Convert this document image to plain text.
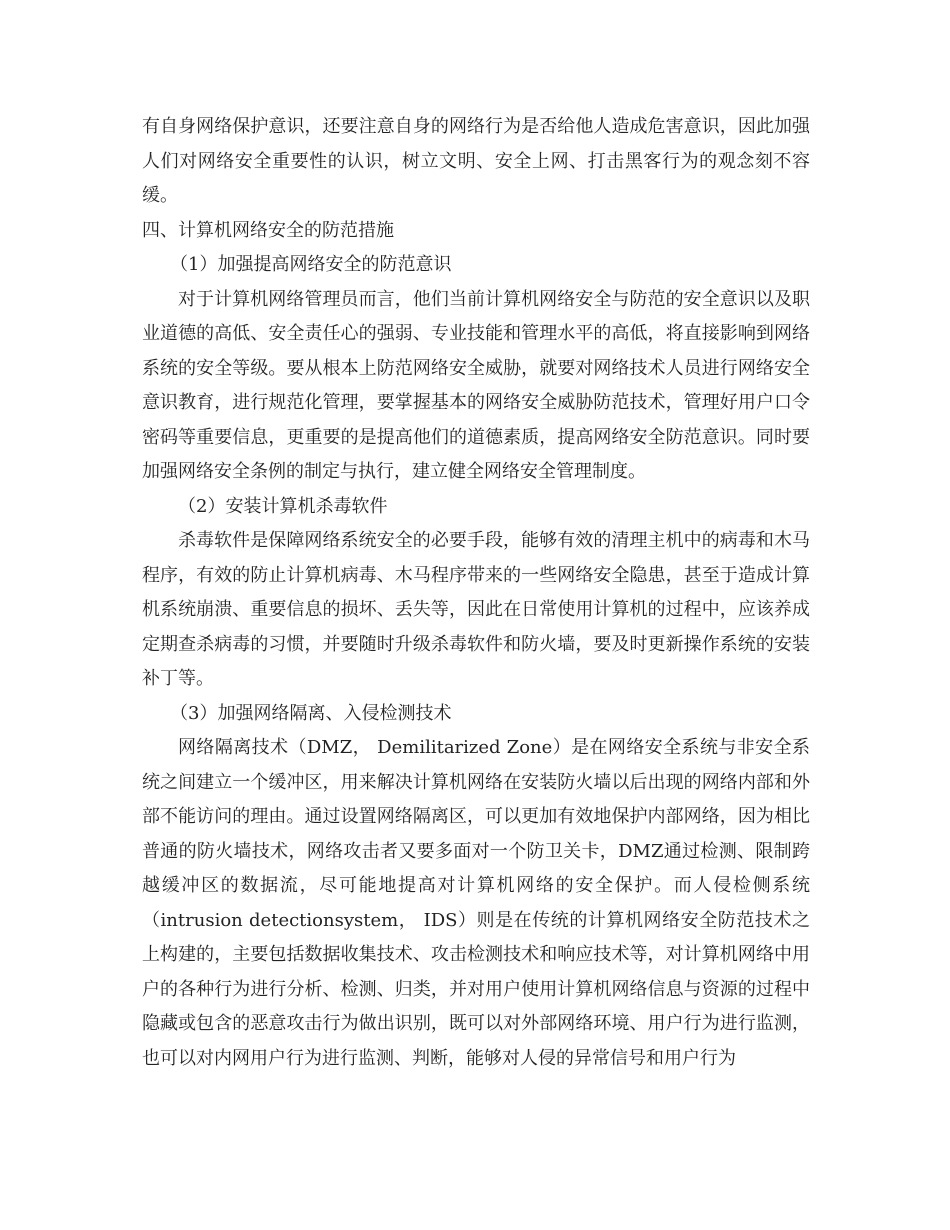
有自身网络保护意识，还要注意自身的网络行为是否给他人造成危害意识，因此加强人们对网络安全重要性的认识，树立文明、安全上网、打击黑客行为的观念刻不容缓。

四、计算机网络安全的防范措施

（1）加强提高网络安全的防范意识

对于计算机网络管理员而言，他们当前计算机网络安全与防范的安全意识以及职业道德的高低、安全责任心的强弱、专业技能和管理水平的高低，将直接影响到网络系统的安全等级。要从根本上防范网络安全威胁，就要对网络技术人员进行网络安全意识教育，进行规范化管理，要掌握基本的网络安全威胁防范技术，管理好用户口令密码等重要信息，更重要的是提高他们的道德素质，提高网络安全防范意识。同时要加强网络安全条例的制定与执行，建立健全网络安全管理制度。

（2）安装计算机杀毒软件

杀毒软件是保障网络系统安全的必要手段，能够有效的清理主机中的病毒和木马程序，有效的防止计算机病毒、木马程序带来的一些网络安全隐患，甚至于造成计算机系统崩溃、重要信息的损坏、丢失等，因此在日常使用计算机的过程中，应该养成定期查杀病毒的习惯，并要随时升级杀毒软件和防火墙，要及时更新操作系统的安装补丁等。

（3）加强网络隔离、入侵检测技术

网络隔离技术（DMZ， Demilitarized Zone）是在网络安全系统与非安全系统之间建立一个缓冲区，用来解决计算机网络在安装防火墙以后出现的网络内部和外部不能访问的理由。通过设置网络隔离区，可以更加有效地保护内部网络，因为相比普通的防火墙技术，网络攻击者又要多面对一个防卫关卡，DMZ通过检测、限制跨越缓冲区的数据流，尽可能地提高对计算机网络的安全保护。而人侵检侧系统（intrusion detectionsystem， IDS）则是在传统的计算机网络安全防范技术之上构建的，主要包括数据收集技术、攻击检测技术和响应技术等，对计算机网络中用户的各种行为进行分析、检测、归类，并对用户使用计算机网络信息与资源的过程中隐藏或包含的恶意攻击行为做出识别，既可以对外部网络环境、用户行为进行监测，也可以对内网用户行为进行监测、判断，能够对人侵的异常信号和用户行为
